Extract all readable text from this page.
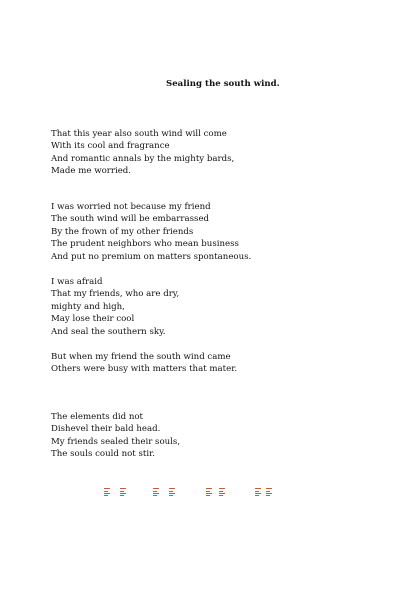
Sealing the south wind.
That this year also south wind will come
With its cool and fragrance
And romantic annals by the mighty bards,
Made me worried.
I was worried not because my friend
The south wind will be embarrassed
By the frown of my other friends
The prudent neighbors who mean business
And put no premium on matters spontaneous.
I was afraid
That my friends, who are dry,
mighty and high,
May lose their cool
And seal the southern sky.
But when my friend the south wind came
Others were busy with matters that mater.
The elements did not
Dishevel their bald head.
My friends sealed their souls,
The souls could not stir.
